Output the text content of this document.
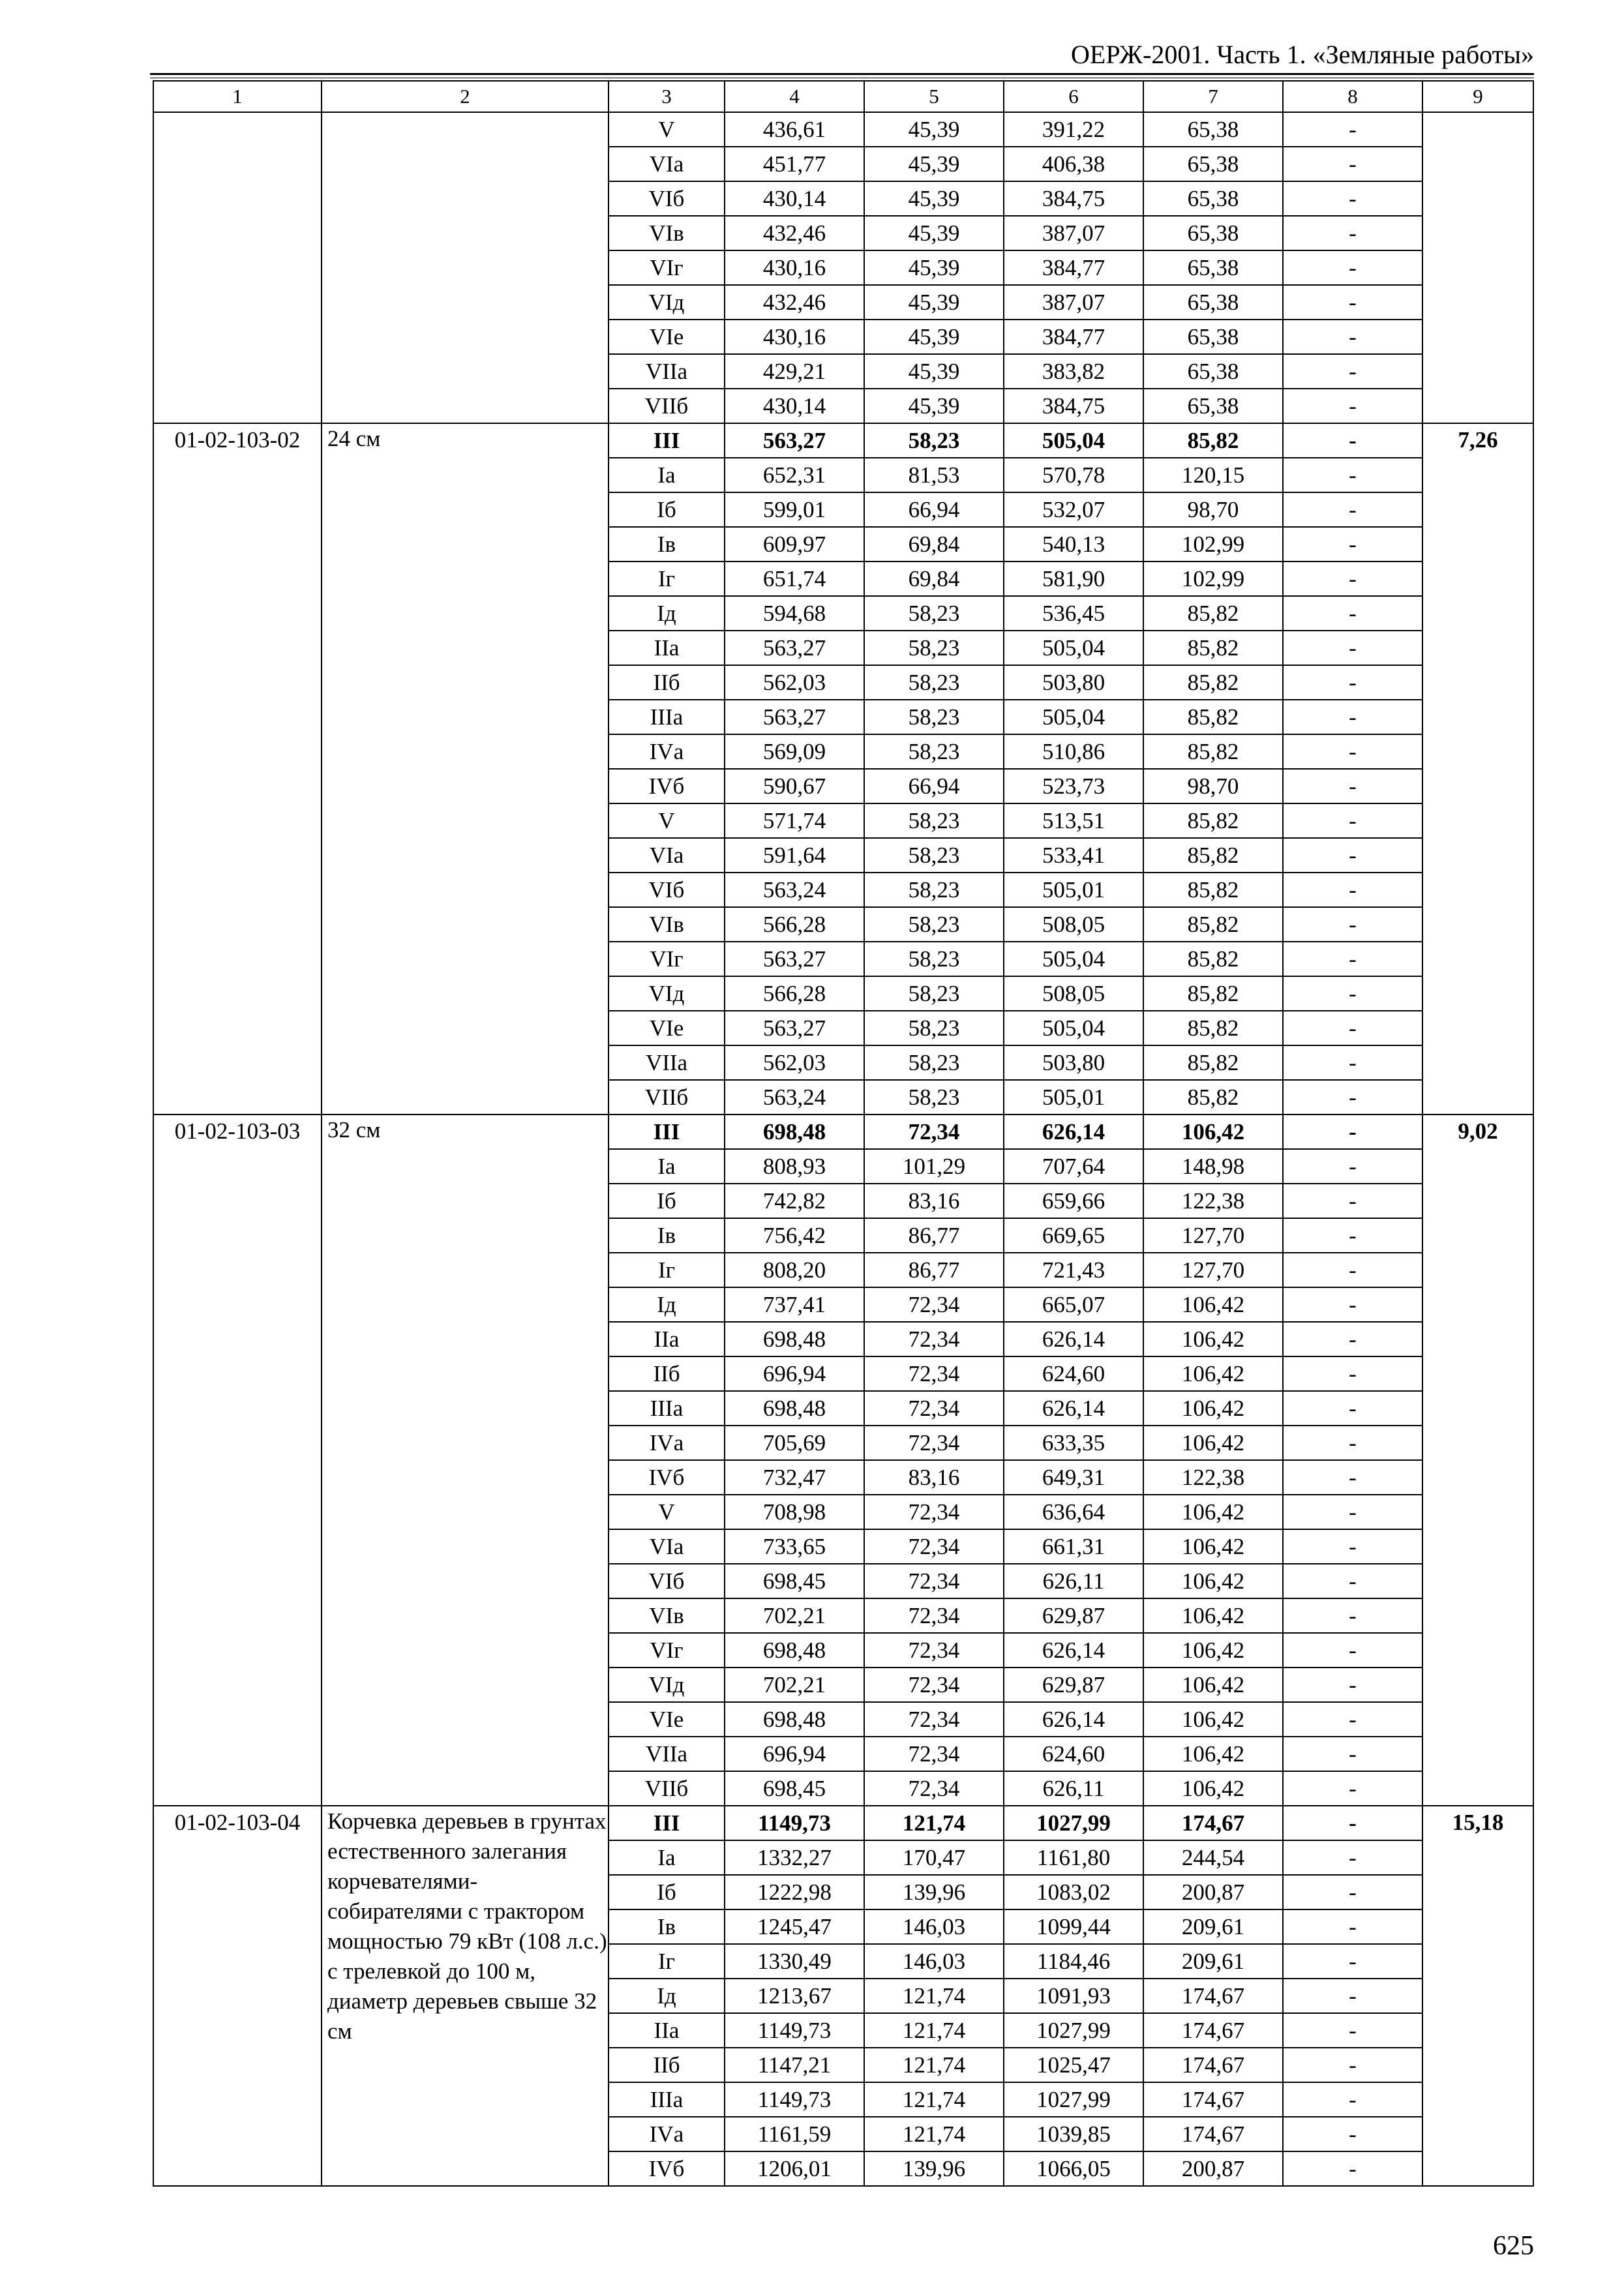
ОЕРЖ-2001. Часть 1. «Земляные работы»
1	2	3	4	5	6	7	8	9
		V	436,61	45,39	391,22	65,38	-	
		VIа	451,77	45,39	406,38	65,38	-	
		VIб	430,14	45,39	384,75	65,38	-	
		VIв	432,46	45,39	387,07	65,38	-	
		VIг	430,16	45,39	384,77	65,38	-	
		VIд	432,46	45,39	387,07	65,38	-	
		VIе	430,16	45,39	384,77	65,38	-	
		VIIа	429,21	45,39	383,82	65,38	-	
		VIIб	430,14	45,39	384,75	65,38	-	
01-02-103-02	24 см	III	563,27	58,23	505,04	85,82	-	7,26
		Iа	652,31	81,53	570,78	120,15	-	
		Iб	599,01	66,94	532,07	98,70	-	
		Iв	609,97	69,84	540,13	102,99	-	
		Iг	651,74	69,84	581,90	102,99	-	
		Iд	594,68	58,23	536,45	85,82	-	
		IIа	563,27	58,23	505,04	85,82	-	
		IIб	562,03	58,23	503,80	85,82	-	
		IIIа	563,27	58,23	505,04	85,82	-	
		IVа	569,09	58,23	510,86	85,82	-	
		IVб	590,67	66,94	523,73	98,70	-	
		V	571,74	58,23	513,51	85,82	-	
		VIа	591,64	58,23	533,41	85,82	-	
		VIб	563,24	58,23	505,01	85,82	-	
		VIв	566,28	58,23	508,05	85,82	-	
		VIг	563,27	58,23	505,04	85,82	-	
		VIд	566,28	58,23	508,05	85,82	-	
		VIе	563,27	58,23	505,04	85,82	-	
		VIIа	562,03	58,23	503,80	85,82	-	
		VIIб	563,24	58,23	505,01	85,82	-	
01-02-103-03	32 см	III	698,48	72,34	626,14	106,42	-	9,02
		Iа	808,93	101,29	707,64	148,98	-	
		Iб	742,82	83,16	659,66	122,38	-	
		Iв	756,42	86,77	669,65	127,70	-	
		Iг	808,20	86,77	721,43	127,70	-	
		Iд	737,41	72,34	665,07	106,42	-	
		IIа	698,48	72,34	626,14	106,42	-	
		IIб	696,94	72,34	624,60	106,42	-	
		IIIа	698,48	72,34	626,14	106,42	-	
		IVа	705,69	72,34	633,35	106,42	-	
		IVб	732,47	83,16	649,31	122,38	-	
		V	708,98	72,34	636,64	106,42	-	
		VIа	733,65	72,34	661,31	106,42	-	
		VIб	698,45	72,34	626,11	106,42	-	
		VIв	702,21	72,34	629,87	106,42	-	
		VIг	698,48	72,34	626,14	106,42	-	
		VIд	702,21	72,34	629,87	106,42	-	
		VIе	698,48	72,34	626,14	106,42	-	
		VIIа	696,94	72,34	624,60	106,42	-	
		VIIб	698,45	72,34	626,11	106,42	-	
01-02-103-04	Корчевка деревьев в грунтах естественного залегания корчевателями-собирателями с трактором мощностью 79 кВт (108 л.с.) с трелевкой до 100 м, диаметр деревьев свыше 32 см	III	1149,73	121,74	1027,99	174,67	-	15,18
		Iа	1332,27	170,47	1161,80	244,54	-	
		Iб	1222,98	139,96	1083,02	200,87	-	
		Iв	1245,47	146,03	1099,44	209,61	-	
		Iг	1330,49	146,03	1184,46	209,61	-	
		Iд	1213,67	121,74	1091,93	174,67	-	
		IIа	1149,73	121,74	1027,99	174,67	-	
		IIб	1147,21	121,74	1025,47	174,67	-	
		IIIа	1149,73	121,74	1027,99	174,67	-	
		IVа	1161,59	121,74	1039,85	174,67	-	
		IVб	1206,01	139,96	1066,05	200,87	-	
625
